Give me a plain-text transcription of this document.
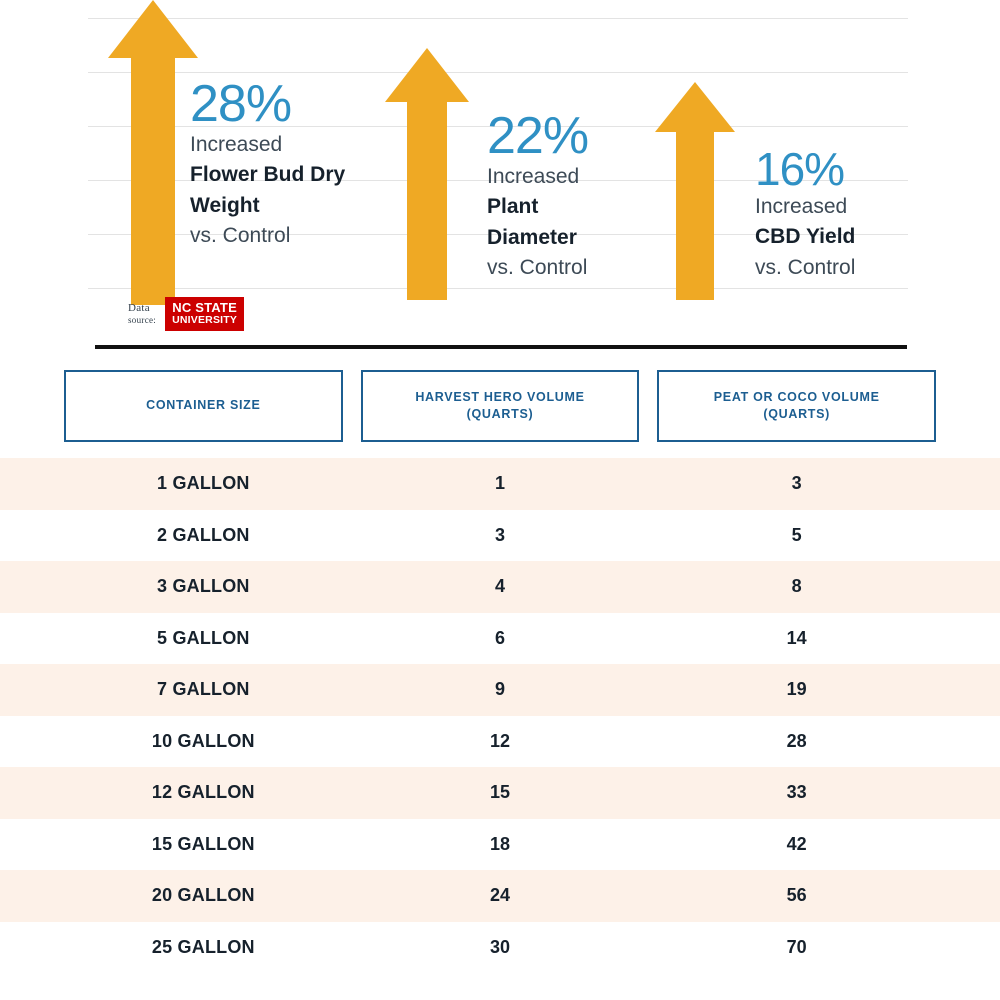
28%
Increased
Flower Bud Dry
Weight
vs. Control
22%
Increased
Plant
Diameter
vs. Control
16%
Increased
CBD Yield
vs. Control
Data
source:
NC STATE
UNIVERSITY
CONTAINER SIZE
HARVEST HERO VOLUME
(QUARTS)
PEAT OR COCO VOLUME
(QUARTS)
1 GALLON	1	3
2 GALLON	3	5
3 GALLON	4	8
5 GALLON	6	14
7 GALLON	9	19
10 GALLON	12	28
12 GALLON	15	33
15 GALLON	18	42
20 GALLON	24	56
25 GALLON	30	70
